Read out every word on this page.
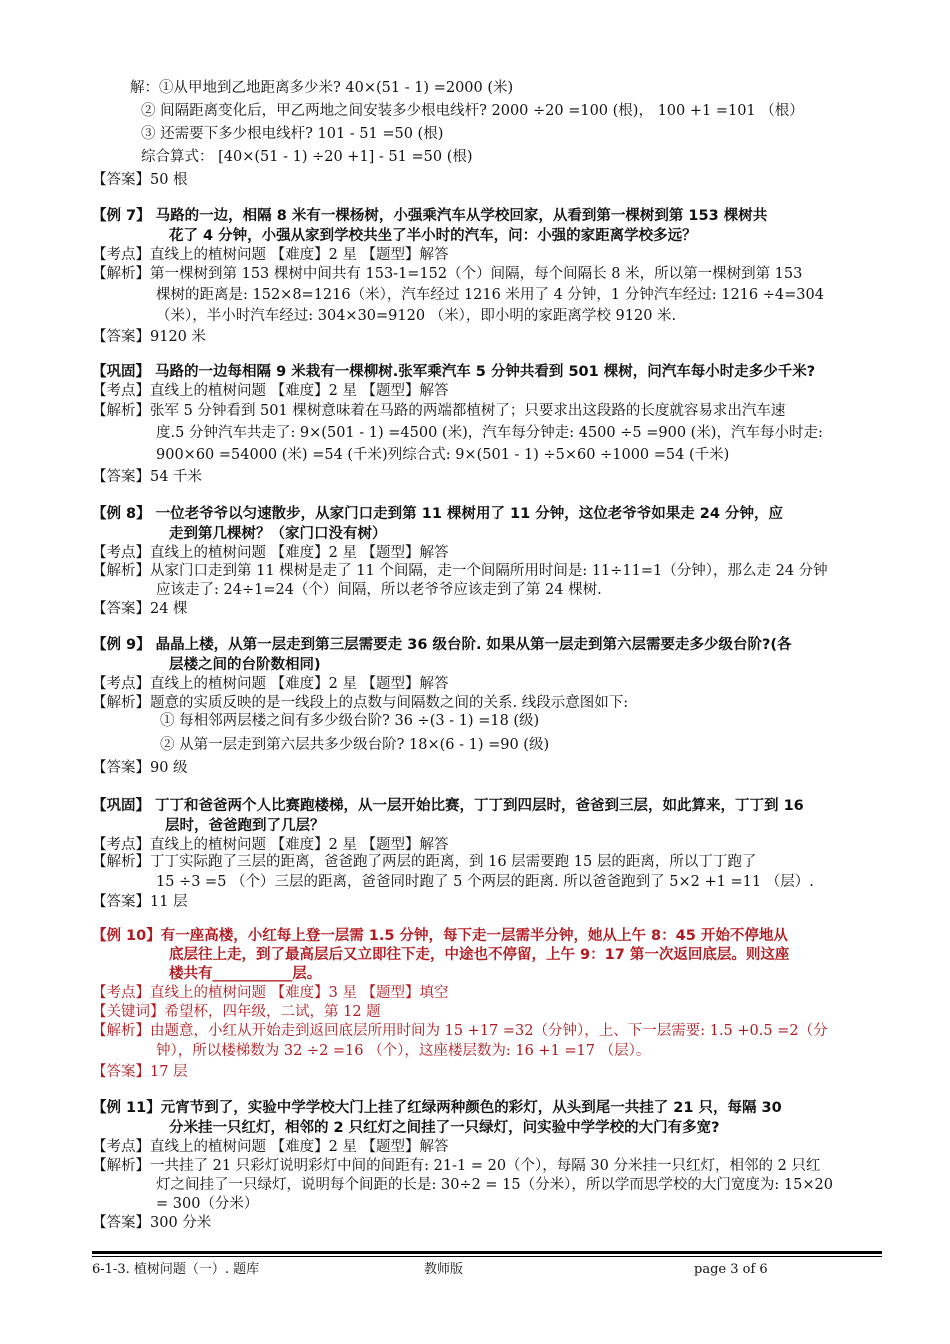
解：①从甲地到乙地距离多少米? 40×(51 - 1) =2000 (米)
② 间隔距离变化后，甲乙两地之间安装多少根电线杆? 2000 ÷20 =100 (根)， 100 +1 =101 （根）
③ 还需要下多少根电线杆? 101 - 51 =50 (根)
综合算式： [40×(51 - 1) ÷20 +1] - 51 =50 (根)
【答案】50 根
【例 7】 马路的一边，相隔 8 米有一棵杨树，小强乘汽车从学校回家，从看到第一棵树到第 153 棵树共
花了 4 分钟，小强从家到学校共坐了半小时的汽车，问：小强的家距离学校多远？
【考点】直线上的植树问题 【难度】2 星 【题型】解答
【解析】第一棵树到第 153 棵树中间共有 153-1=152（个）间隔，每个间隔长 8 米，所以第一棵树到第 153
棵树的距离是: 152×8=1216（米），汽车经过 1216 米用了 4 分钟，1 分钟汽车经过: 1216 ÷4=304
（米），半小时汽车经过: 304×30=9120 （米），即小明的家距离学校 9120 米.
【答案】9120 米
【巩固】 马路的一边每相隔 9 米栽有一棵柳树.张军乘汽车 5 分钟共看到 501 棵树，问汽车每小时走多少千米?
【考点】直线上的植树问题 【难度】2 星 【题型】解答
【解析】张军 5 分钟看到 501 棵树意味着在马路的两端都植树了；只要求出这段路的长度就容易求出汽车速
度.5 分钟汽车共走了: 9×(501 - 1) =4500 (米)，汽车每分钟走: 4500 ÷5 =900 (米)，汽车每小时走:
900×60 =54000 (米) =54 (千米)列综合式: 9×(501 - 1) ÷5×60 ÷1000 =54 (千米)
【答案】54 千米
【例 8】 一位老爷爷以匀速散步，从家门口走到第 11 棵树用了 11 分钟，这位老爷爷如果走 24 分钟，应
走到第几棵树？（家门口没有树）
【考点】直线上的植树问题 【难度】2 星 【题型】解答
【解析】从家门口走到第 11 棵树是走了 11 个间隔，走一个间隔所用时间是: 11÷11=1（分钟），那么走 24 分钟
应该走了: 24÷1=24（个）间隔，所以老爷爷应该走到了第 24 棵树.
【答案】24 棵
【例 9】 晶晶上楼，从第一层走到第三层需要走 36 级台阶. 如果从第一层走到第六层需要走多少级台阶?(各
层楼之间的台阶数相同)
【考点】直线上的植树问题 【难度】2 星 【题型】解答
【解析】题意的实质反映的是一线段上的点数与间隔数之间的关系. 线段示意图如下:
① 每相邻两层楼之间有多少级台阶? 36 ÷(3 - 1) =18 (级)
② 从第一层走到第六层共多少级台阶? 18×(6 - 1) =90 (级)
【答案】90 级
【巩固】 丁丁和爸爸两个人比赛跑楼梯，从一层开始比赛，丁丁到四层时，爸爸到三层，如此算来，丁丁到 16
层时，爸爸跑到了几层？
【考点】直线上的植树问题 【难度】2 星 【题型】解答
【解析】丁丁实际跑了三层的距离，爸爸跑了两层的距离，到 16 层需要跑 15 层的距离，所以丁丁跑了
15 ÷3 =5 （个）三层的距离，爸爸同时跑了 5 个两层的距离. 所以爸爸跑到了 5×2 +1 =11 （层）.
【答案】11 层
【例 10】有一座高楼，小红每上登一层需 1.5 分钟，每下走一层需半分钟，她从上午 8：45 开始不停地从
底层往上走，到了最高层后又立即往下走，中途也不停留，上午 9：17 第一次返回底层。则这座
楼共有___________层。
【考点】直线上的植树问题 【难度】3 星 【题型】填空
【关键词】希望杯，四年级，二试，第 12 题
【解析】由题意，小红从开始走到返回底层所用时间为 15 +17 =32（分钟），上、下一层需要: 1.5 +0.5 =2（分
钟），所以楼梯数为 32 ÷2 =16 （个），这座楼层数为: 16 +1 =17 （层）。
【答案】17 层
【例 11】元宵节到了，实验中学学校大门上挂了红绿两种颜色的彩灯，从头到尾一共挂了 21 只，每隔 30
分米挂一只红灯，相邻的 2 只红灯之间挂了一只绿灯，问实验中学学校的大门有多宽?
【考点】直线上的植树问题 【难度】2 星 【题型】解答
【解析】一共挂了 21 只彩灯说明彩灯中间的间距有: 21-1 = 20（个），每隔 30 分米挂一只红灯，相邻的 2 只红
灯之间挂了一只绿灯，说明每个间距的长是: 30÷2 = 15（分米），所以学而思学校的大门宽度为: 15×20
= 300（分米）
【答案】300 分米
6-1-3. 植树问题（一）. 题库	教师版	page 3 of 6
